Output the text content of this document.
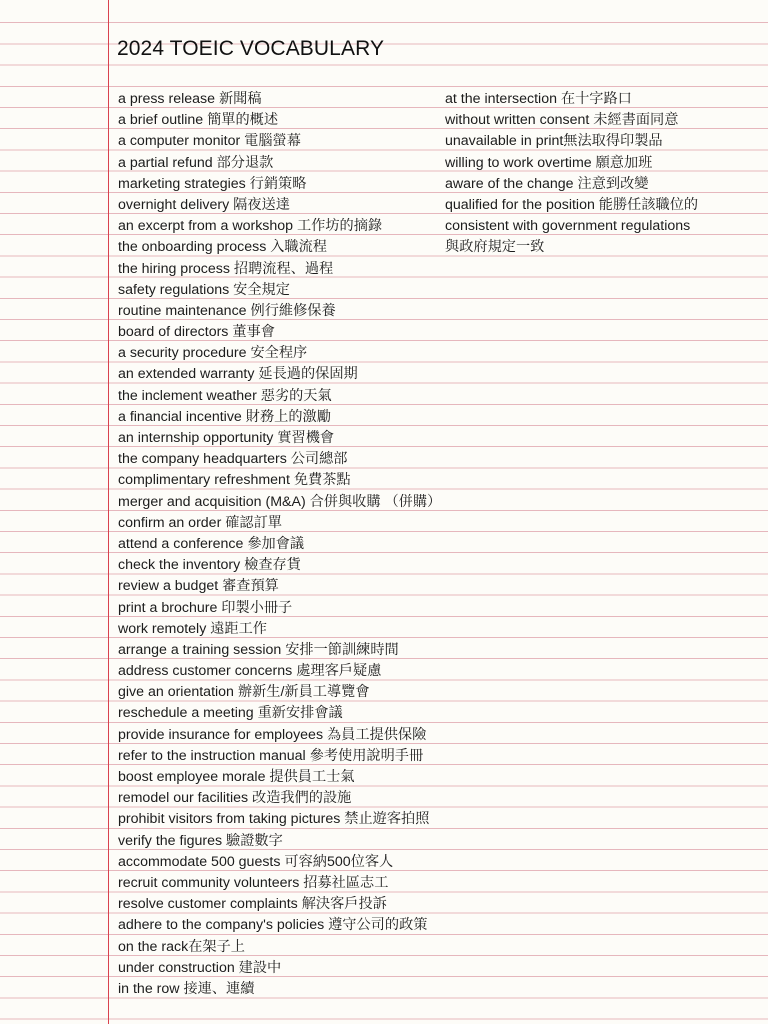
2024 TOEIC VOCABULARY
a press release 新聞稿
a brief outline 簡單的概述
a computer monitor 電腦螢幕
a partial refund 部分退款
marketing strategies 行銷策略
overnight delivery 隔夜送達
an excerpt from a workshop 工作坊的摘錄
the onboarding process 入職流程
the hiring process 招聘流程、過程
safety regulations 安全規定
routine maintenance 例行維修保養
board of directors 董事會
a security procedure 安全程序
an extended warranty 延長過的保固期
the inclement weather 惡劣的天氣
a financial incentive 財務上的激勵
an internship opportunity 實習機會
the company headquarters 公司總部
complimentary refreshment 免費茶點
merger and acquisition (M&A) 合併與收購 （併購）
confirm an order 確認訂單
attend a conference 參加會議
check the inventory 檢查存貨
review a budget 審查預算
print a brochure 印製小冊子
work remotely 遠距工作
arrange a training session 安排一節訓練時間
address customer concerns 處理客戶疑慮
give an orientation 辦新生/新員工導覽會
reschedule a meeting 重新安排會議
provide insurance for employees 為員工提供保險
refer to the instruction manual 參考使用說明手冊
boost employee morale 提供員工士氣
remodel our facilities 改造我們的設施
prohibit visitors from taking pictures 禁止遊客拍照
verify the figures 驗證數字
accommodate 500 guests 可容納500位客人
recruit community volunteers 招募社區志工
resolve customer complaints 解決客戶投訴
adhere to the company's policies 遵守公司的政策
on the rack在架子上
under construction 建設中
in the row 接連、連續
at the intersection 在十字路口
without written consent 未經書面同意
unavailable in print無法取得印製品
willing to work overtime 願意加班
aware of the change 注意到改變
qualified for the position 能勝任該職位的
consistent with government regulations
與政府規定一致
